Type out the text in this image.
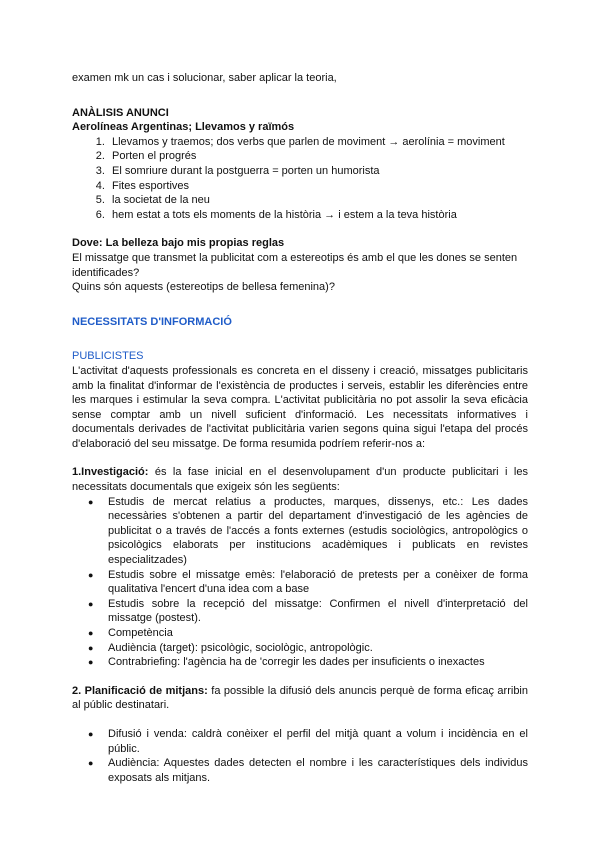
examen mk un cas i solucionar, saber aplicar la teoria,

ANÀLISIS ANUNCI

Aerolíneas Argentinas; Llevamos y raïmós

1. Llevamos y traemos; dos verbs que parlen de moviment → aerolínia = moviment
2. Porten el progrés
3. El somriure durant la postguerra = porten un humorista
4. Fites esportives
5. la societat de la neu
6. hem estat a tots els moments de la història → i estem a la teva història

Dove: La belleza bajo mis propias reglas

El missatge que transmet la publicitat com a estereotips és amb el que les dones se senten identificades?

Quins són aquests (estereotips de bellesa femenina)?

NECESSITATS D'INFORMACIÓ

PUBLICISTES

L'activitat d'aquests professionals es concreta en el disseny i creació, missatges publicitaris amb la finalitat d'informar de l'existència de productes i serveis, establir les diferències entre les marques i estimular la seva compra. L'activitat publicitària no pot assolir la seva eficàcia sense comptar amb un nivell suficient d'informació. Les necessitats informatives i documentals derivades de l'activitat publicitària varien segons quina sigui l'etapa del procés d'elaboració del seu missatge. De forma resumida podríem referir-nos a:

1.Investigació: és la fase inicial en el desenvolupament d'un producte publicitari i les necessitats documentals que exigeix són les següents:

● Estudis de mercat relatius a productes, marques, dissenys, etc.: Les dades necessàries s'obtenen a partir del departament d'investigació de les agències de publicitat o a través de l'accés a fonts externes (estudis sociològics, antropològics o psicològics elaborats per institucions acadèmiques i publicats en revistes especialitzades)
● Estudis sobre el missatge emès: l'elaboració de pretests per a conèixer de forma qualitativa l'encert d'una idea com a base
● Estudis sobre la recepció del missatge: Confirmen el nivell d'interpretació del missatge (postest).
● Competència
● Audiència (target): psicològic, sociològic, antropològic.
● Contrabriefing: l'agència ha de 'corregir les dades per insuficients o inexactes

2. Planificació de mitjans: fa possible la difusió dels anuncis perquè de forma eficaç arribin al públic destinatari.

● Difusió i venda: caldrà conèixer el perfil del mitjà quant a volum i incidència en el públic.
● Audiència: Aquestes dades detecten el nombre i les característiques dels individus exposats als mitjans.
